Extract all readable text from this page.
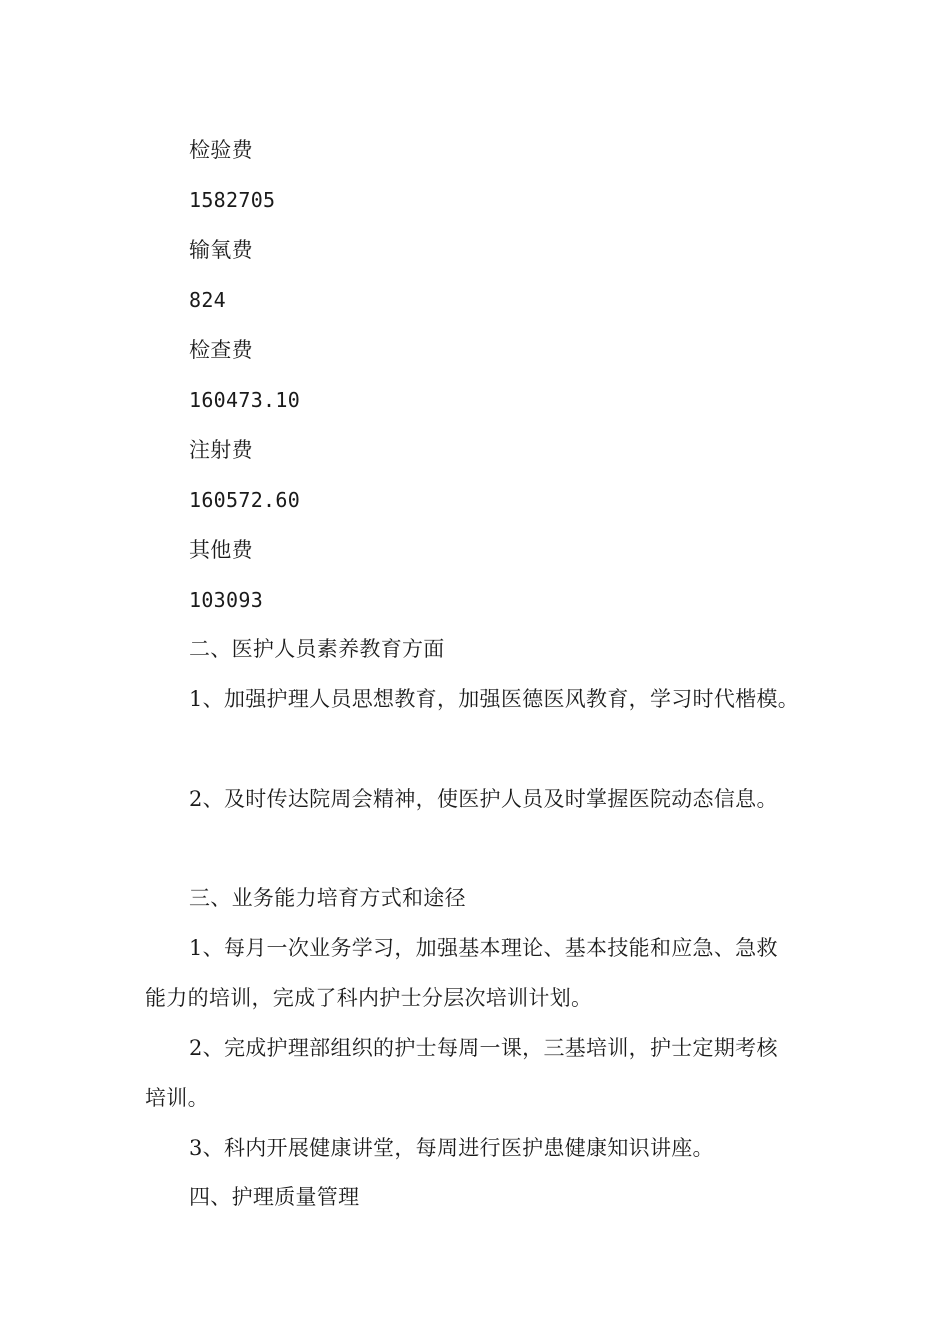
检验费
1582705
输氧费
824
检查费
160473.10
注射费
160572.60
其他费
103093
二、医护人员素养教育方面
1、加强护理人员思想教育，加强医德医风教育，学习时代楷模。
2、及时传达院周会精神，使医护人员及时掌握医院动态信息。
三、业务能力培育方式和途径
1、每月一次业务学习，加强基本理论、基本技能和应急、急救
能力的培训，完成了科内护士分层次培训计划。
2、完成护理部组织的护士每周一课，三基培训，护士定期考核
培训。
3、科内开展健康讲堂，每周进行医护患健康知识讲座。
四、护理质量管理
